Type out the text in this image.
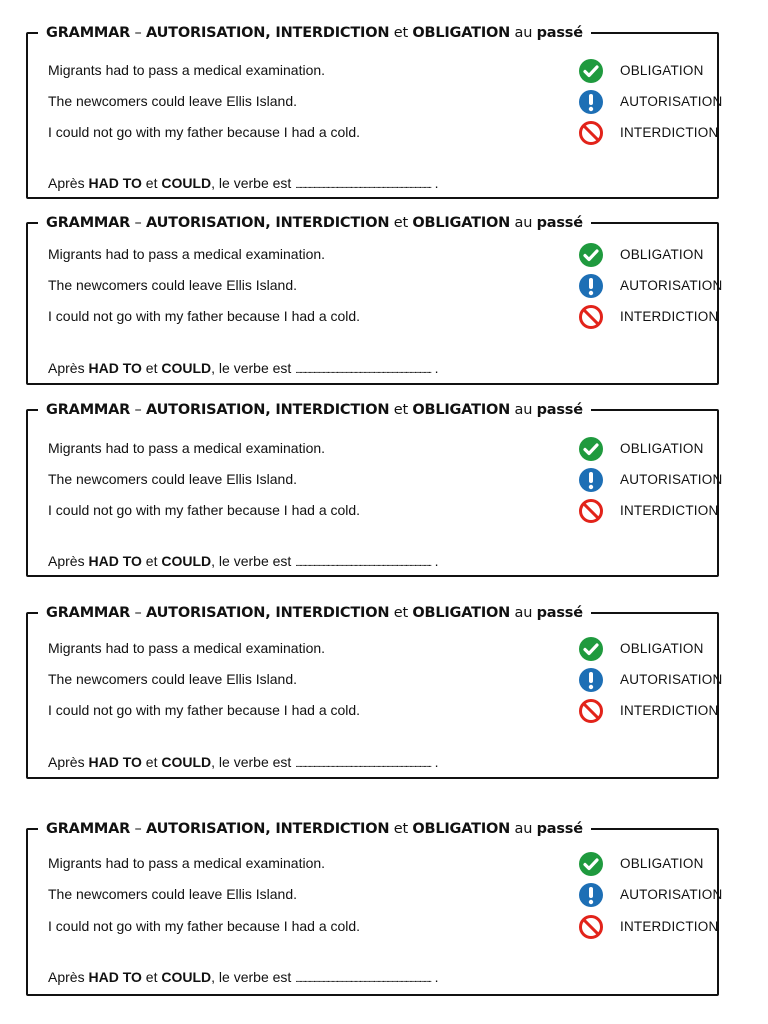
GRAMMAR – AUTORISATION, INTERDICTION et OBLIGATION au passé
Migrants had to pass a medical examination.	OBLIGATION
The newcomers could leave Ellis Island.	AUTORISATION
I could not go with my father because I had a cold.	INTERDICTION
Après HAD TO et COULD, le verbe est .......................................................................................................... .
GRAMMAR – AUTORISATION, INTERDICTION et OBLIGATION au passé
Migrants had to pass a medical examination.	OBLIGATION
The newcomers could leave Ellis Island.	AUTORISATION
I could not go with my father because I had a cold.	INTERDICTION
Après HAD TO et COULD, le verbe est .......................................................................................................... .
GRAMMAR – AUTORISATION, INTERDICTION et OBLIGATION au passé
Migrants had to pass a medical examination.	OBLIGATION
The newcomers could leave Ellis Island.	AUTORISATION
I could not go with my father because I had a cold.	INTERDICTION
Après HAD TO et COULD, le verbe est .......................................................................................................... .
GRAMMAR – AUTORISATION, INTERDICTION et OBLIGATION au passé
Migrants had to pass a medical examination.	OBLIGATION
The newcomers could leave Ellis Island.	AUTORISATION
I could not go with my father because I had a cold.	INTERDICTION
Après HAD TO et COULD, le verbe est .......................................................................................................... .
GRAMMAR – AUTORISATION, INTERDICTION et OBLIGATION au passé
Migrants had to pass a medical examination.	OBLIGATION
The newcomers could leave Ellis Island.	AUTORISATION
I could not go with my father because I had a cold.	INTERDICTION
Après HAD TO et COULD, le verbe est .......................................................................................................... .
